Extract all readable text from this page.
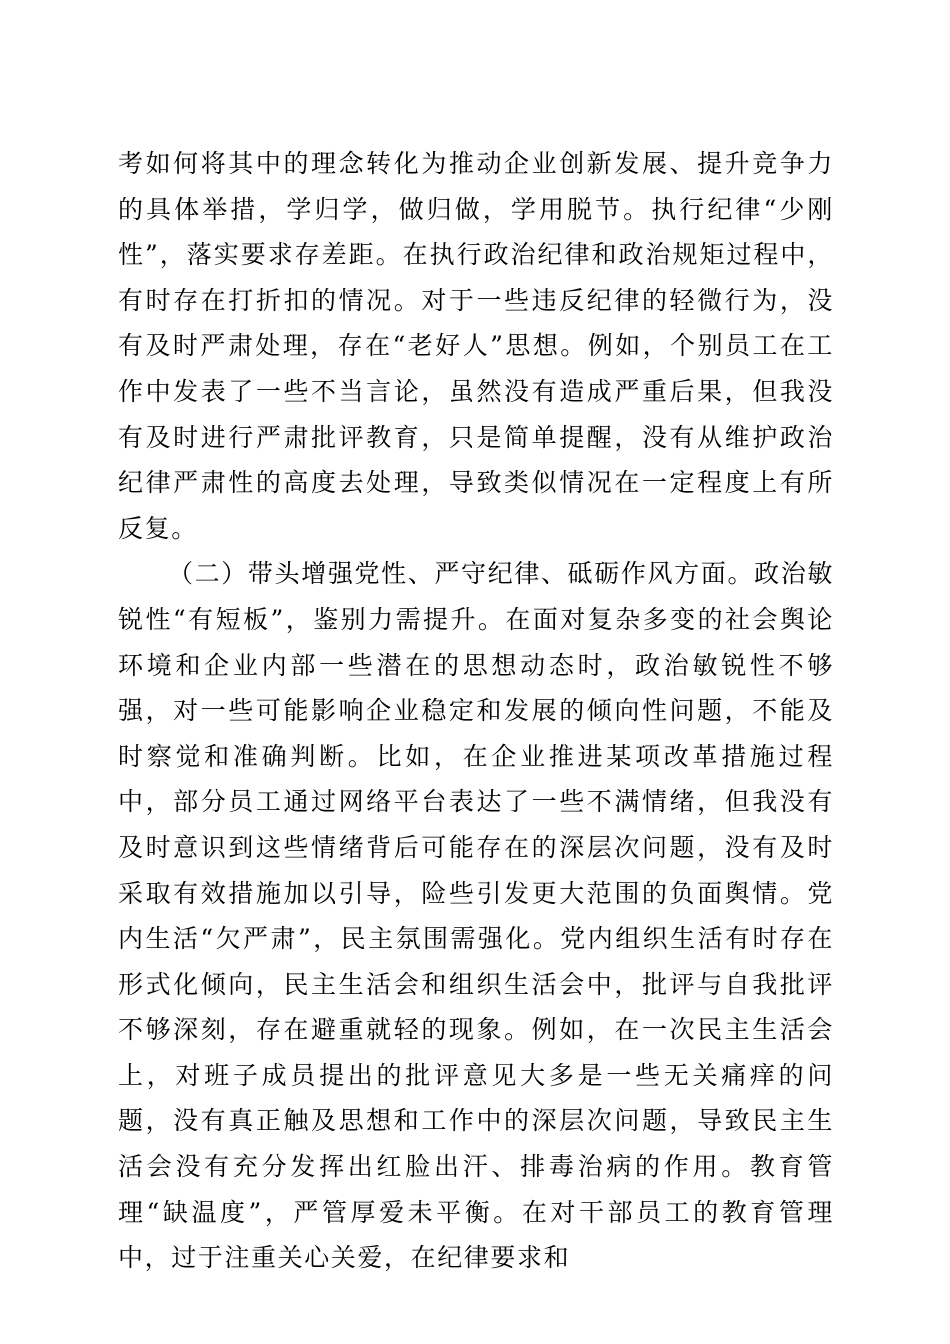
考如何将其中的理念转化为推动企业创新发展、提升竞争力的具体举措，学归学，做归做，学用脱节。执行纪律“少刚性”，落实要求存差距。在执行政治纪律和政治规矩过程中，有时存在打折扣的情况。对于一些违反纪律的轻微行为，没有及时严肃处理，存在“老好人”思想。例如，个别员工在工作中发表了一些不当言论，虽然没有造成严重后果，但我没有及时进行严肃批评教育，只是简单提醒，没有从维护政治纪律严肃性的高度去处理，导致类似情况在一定程度上有所反复。

（二）带头增强党性、严守纪律、砥砺作风方面。政治敏锐性“有短板”，鉴别力需提升。在面对复杂多变的社会舆论环境和企业内部一些潜在的思想动态时，政治敏锐性不够强，对一些可能影响企业稳定和发展的倾向性问题，不能及时察觉和准确判断。比如，在企业推进某项改革措施过程中，部分员工通过网络平台表达了一些不满情绪，但我没有及时意识到这些情绪背后可能存在的深层次问题，没有及时采取有效措施加以引导，险些引发更大范围的负面舆情。党内生活“欠严肃”，民主氛围需强化。党内组织生活有时存在形式化倾向，民主生活会和组织生活会中，批评与自我批评不够深刻，存在避重就轻的现象。例如，在一次民主生活会上，对班子成员提出的批评意见大多是一些无关痛痒的问题，没有真正触及思想和工作中的深层次问题，导致民主生活会没有充分发挥出红脸出汗、排毒治病的作用。教育管理“缺温度”，严管厚爱未平衡。在对干部员工的教育管理中，过于注重关心关爱，在纪律要求和
